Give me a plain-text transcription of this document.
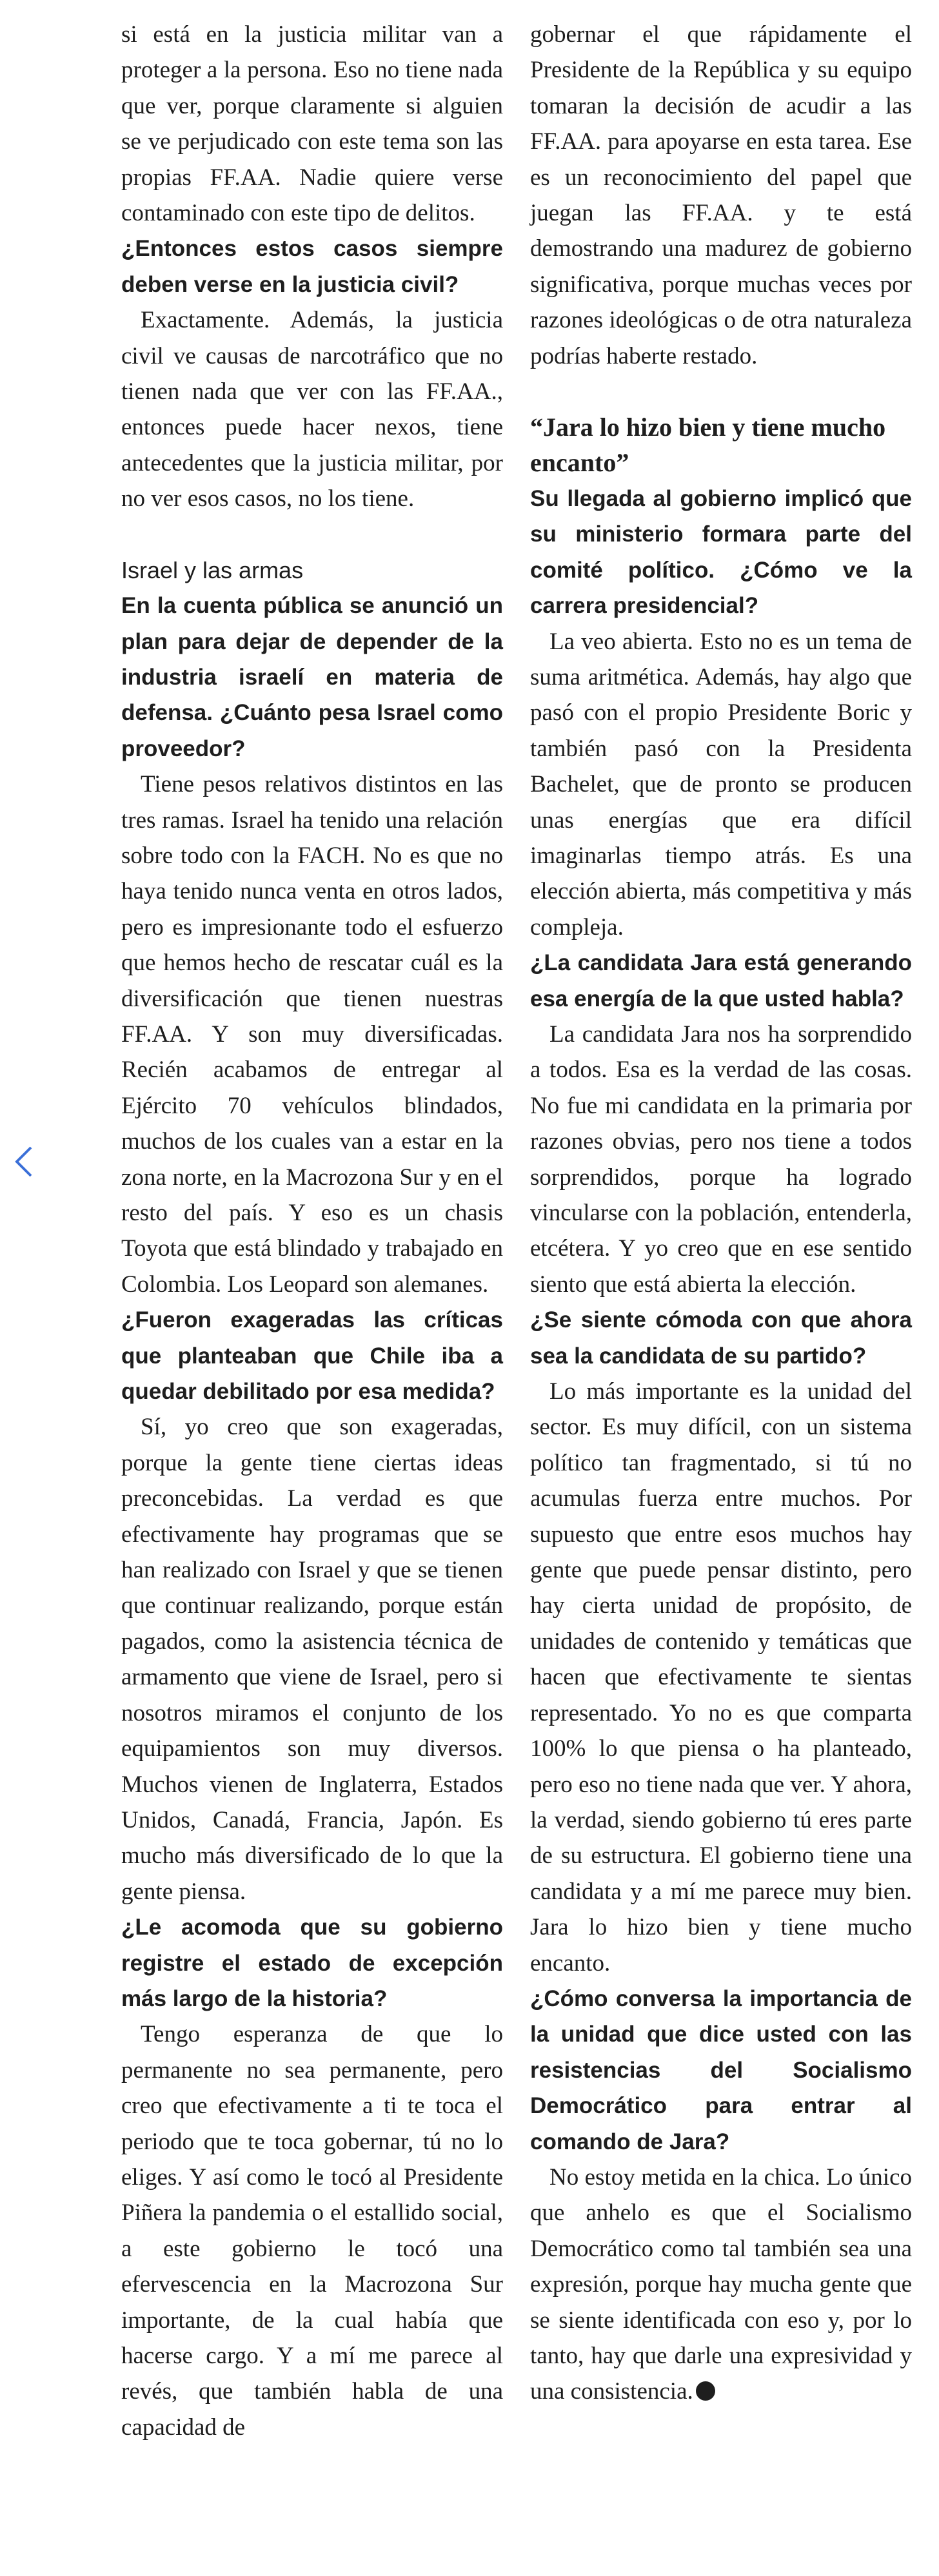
si está en la justicia militar van a proteger a la persona. Eso no tiene nada que ver, porque claramente si alguien se ve perjudicado con este tema son las propias FF.AA. Nadie quiere verse contaminado con este tipo de delitos.

¿Entonces estos casos siempre deben verse en la justicia civil?

Exactamente. Además, la justicia civil ve causas de narcotráfico que no tienen nada que ver con las FF.AA., entonces puede hacer nexos, tiene antecedentes que la justicia militar, por no ver esos casos, no los tiene.

Israel y las armas

En la cuenta pública se anunció un plan para dejar de depender de la industria israelí en materia de defensa. ¿Cuánto pesa Israel como proveedor?

Tiene pesos relativos distintos en las tres ramas. Israel ha tenido una relación sobre todo con la FACH. No es que no haya tenido nunca venta en otros lados, pero es impresionante todo el esfuerzo que hemos hecho de rescatar cuál es la diversificación que tienen nuestras FF.AA. Y son muy diversificadas. Recién acabamos de entregar al Ejército 70 vehículos blindados, muchos de los cuales van a estar en la zona norte, en la Macrozona Sur y en el resto del país. Y eso es un chasis Toyota que está blindado y trabajado en Colombia. Los Leopard son alemanes.

¿Fueron exageradas las críticas que planteaban que Chile iba a quedar debilitado por esa medida?

Sí, yo creo que son exageradas, porque la gente tiene ciertas ideas preconcebidas. La verdad es que efectivamente hay programas que se han realizado con Israel y que se tienen que continuar realizando, porque están pagados, como la asistencia técnica de armamento que viene de Israel, pero si nosotros miramos el conjunto de los equipamientos son muy diversos. Muchos vienen de Inglaterra, Estados Unidos, Canadá, Francia, Japón. Es mucho más diversificado de lo que la gente piensa.

¿Le acomoda que su gobierno registre el estado de excepción más largo de la historia?

Tengo esperanza de que lo permanente no sea permanente, pero creo que efectivamente a ti te toca el periodo que te toca gobernar, tú no lo eliges. Y así como le tocó al Presidente Piñera la pandemia o el estallido social, a este gobierno le tocó una efervescencia en la Macrozona Sur importante, de la cual había que hacerse cargo. Y a mí me parece al revés, que también habla de una capacidad de

gobernar el que rápidamente el Presidente de la República y su equipo tomaran la decisión de acudir a las FF.AA. para apoyarse en esta tarea. Ese es un reconocimiento del papel que juegan las FF.AA. y te está demostrando una madurez de gobierno significativa, porque muchas veces por razones ideológicas o de otra naturaleza podrías haberte restado.

“Jara lo hizo bien y tiene mucho encanto”

Su llegada al gobierno implicó que su ministerio formara parte del comité político. ¿Cómo ve la carrera presidencial?

La veo abierta. Esto no es un tema de suma aritmética. Además, hay algo que pasó con el propio Presidente Boric y también pasó con la Presidenta Bachelet, que de pronto se producen unas energías que era difícil imaginarlas tiempo atrás. Es una elección abierta, más competitiva y más compleja.

¿La candidata Jara está generando esa energía de la que usted habla?

La candidata Jara nos ha sorprendido a todos. Esa es la verdad de las cosas. No fue mi candidata en la primaria por razones obvias, pero nos tiene a todos sorprendidos, porque ha logrado vincularse con la población, entenderla, etcétera. Y yo creo que en ese sentido siento que está abierta la elección.

¿Se siente cómoda con que ahora sea la candidata de su partido?

Lo más importante es la unidad del sector. Es muy difícil, con un sistema político tan fragmentado, si tú no acumulas fuerza entre muchos. Por supuesto que entre esos muchos hay gente que puede pensar distinto, pero hay cierta unidad de propósito, de unidades de contenido y temáticas que hacen que efectivamente te sientas representado. Yo no es que comparta 100% lo que piensa o ha planteado, pero eso no tiene nada que ver. Y ahora, la verdad, siendo gobierno tú eres parte de su estructura. El gobierno tiene una candidata y a mí me parece muy bien. Jara lo hizo bien y tiene mucho encanto.

¿Cómo conversa la importancia de la unidad que dice usted con las resistencias del Socialismo Democrático para entrar al comando de Jara?

No estoy metida en la chica. Lo único que anhelo es que el Socialismo Democrático como tal también sea una expresión, porque hay mucha gente que se siente identificada con eso y, por lo tanto, hay que darle una expresividad y una consistencia.
